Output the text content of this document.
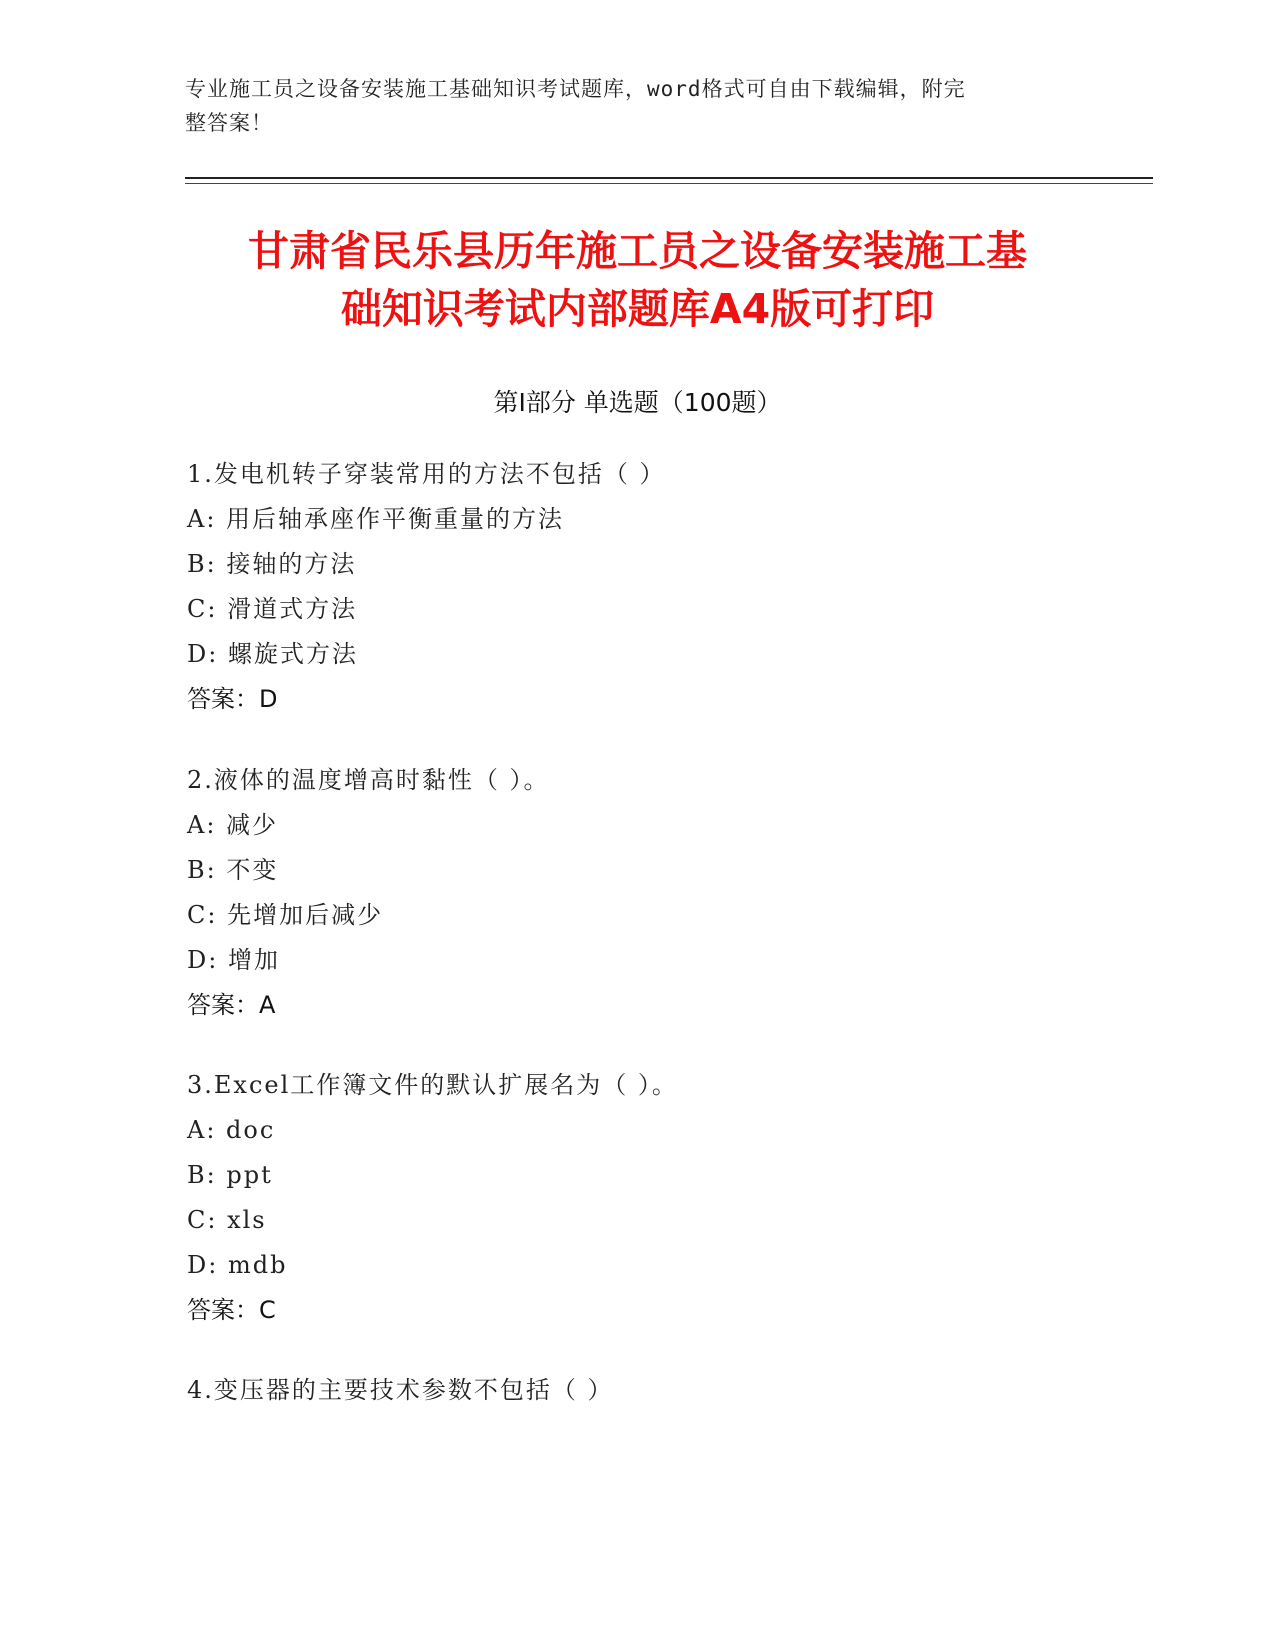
专业施工员之设备安装施工基础知识考试题库，word格式可自由下载编辑，附完
整答案！
甘肃省民乐县历年施工员之设备安装施工基
础知识考试内部题库A4版可打印
第Ⅰ部分 单选题（100题）
1.发电机转子穿装常用的方法不包括（ ）
A: 用后轴承座作平衡重量的方法
B: 接轴的方法
C: 滑道式方法
D: 螺旋式方法
答案：D
2.液体的温度增高时黏性（ ）。
A: 减少
B: 不变
C: 先增加后减少
D: 增加
答案：A
3.Excel工作簿文件的默认扩展名为（ ）。
A: doc
B: ppt
C: xls
D: mdb
答案：C
4.变压器的主要技术参数不包括（ ）
